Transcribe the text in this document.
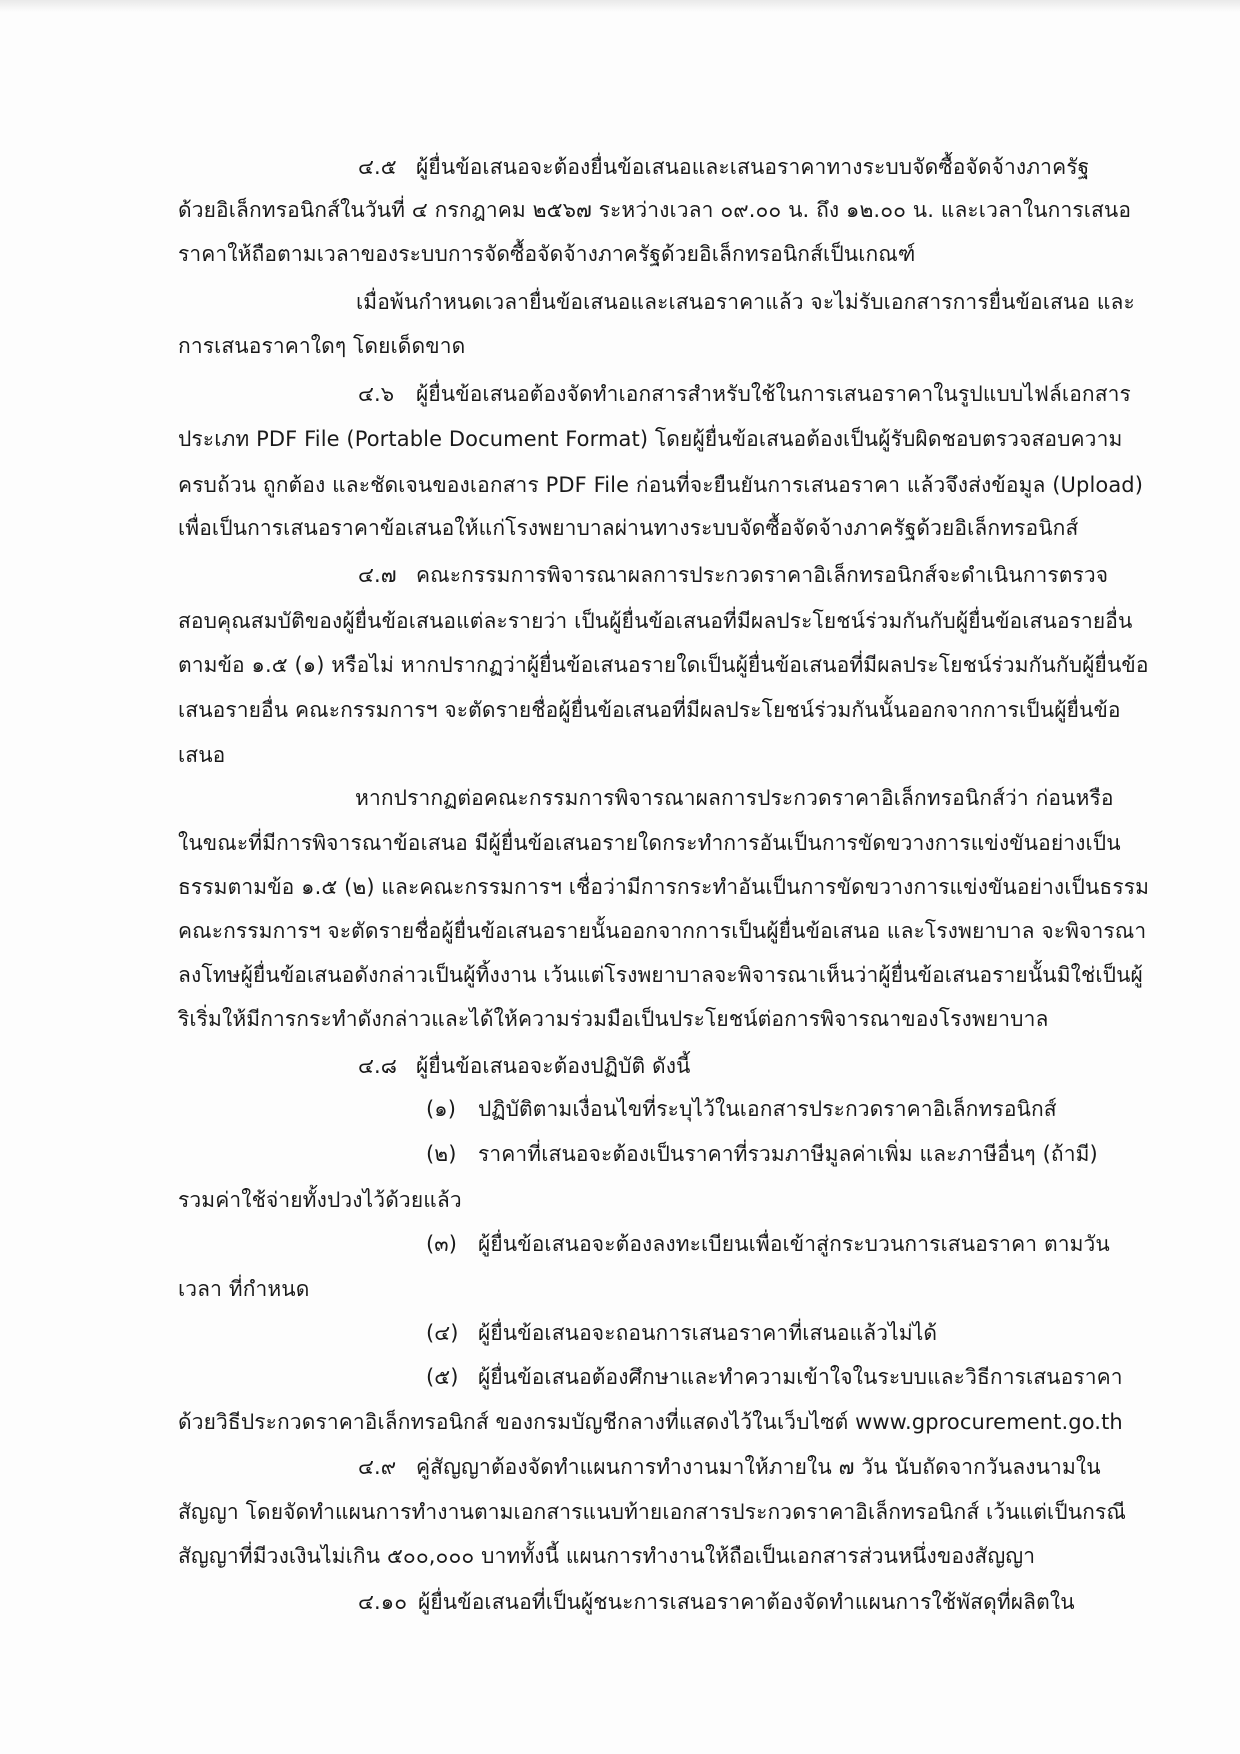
๔.๕ ผู้ยื่นข้อเสนอจะต้องยื่นข้อเสนอและเสนอราคาทางระบบจัดซื้อจัดจ้างภาครัฐ
ด้วยอิเล็กทรอนิกส์ในวันที่ ๔ กรกฎาคม ๒๕๖๗ ระหว่างเวลา ๐๙.๐๐ น. ถึง ๑๒.๐๐ น. และเวลาในการเสนอ
ราคาให้ถือตามเวลาของระบบการจัดซื้อจัดจ้างภาครัฐด้วยอิเล็กทรอนิกส์เป็นเกณฑ์
เมื่อพ้นกำหนดเวลายื่นข้อเสนอและเสนอราคาแล้ว จะไม่รับเอกสารการยื่นข้อเสนอ และ
การเสนอราคาใดๆ โดยเด็ดขาด
๔.๖ ผู้ยื่นข้อเสนอต้องจัดทำเอกสารสำหรับใช้ในการเสนอราคาในรูปแบบไฟล์เอกสาร
ประเภท PDF File (Portable Document Format) โดยผู้ยื่นข้อเสนอต้องเป็นผู้รับผิดชอบตรวจสอบความ
ครบถ้วน ถูกต้อง และชัดเจนของเอกสาร PDF File ก่อนที่จะยืนยันการเสนอราคา แล้วจึงส่งข้อมูล (Upload)
เพื่อเป็นการเสนอราคาข้อเสนอให้แก่โรงพยาบาลผ่านทางระบบจัดซื้อจัดจ้างภาครัฐด้วยอิเล็กทรอนิกส์
๔.๗ คณะกรรมการพิจารณาผลการประกวดราคาอิเล็กทรอนิกส์จะดำเนินการตรวจ
สอบคุณสมบัติของผู้ยื่นข้อเสนอแต่ละรายว่า เป็นผู้ยื่นข้อเสนอที่มีผลประโยชน์ร่วมกันกับผู้ยื่นข้อเสนอรายอื่น
ตามข้อ ๑.๕ (๑) หรือไม่ หากปรากฏว่าผู้ยื่นข้อเสนอรายใดเป็นผู้ยื่นข้อเสนอที่มีผลประโยชน์ร่วมกันกับผู้ยื่นข้อ
เสนอรายอื่น คณะกรรมการฯ จะตัดรายชื่อผู้ยื่นข้อเสนอที่มีผลประโยชน์ร่วมกันนั้นออกจากการเป็นผู้ยื่นข้อ
เสนอ
หากปรากฏต่อคณะกรรมการพิจารณาผลการประกวดราคาอิเล็กทรอนิกส์ว่า ก่อนหรือ
ในขณะที่มีการพิจารณาข้อเสนอ มีผู้ยื่นข้อเสนอรายใดกระทำการอันเป็นการขัดขวางการแข่งขันอย่างเป็น
ธรรมตามข้อ ๑.๕ (๒) และคณะกรรมการฯ เชื่อว่ามีการกระทำอันเป็นการขัดขวางการแข่งขันอย่างเป็นธรรม
คณะกรรมการฯ จะตัดรายชื่อผู้ยื่นข้อเสนอรายนั้นออกจากการเป็นผู้ยื่นข้อเสนอ และโรงพยาบาล จะพิจารณา
ลงโทษผู้ยื่นข้อเสนอดังกล่าวเป็นผู้ทิ้งงาน เว้นแต่โรงพยาบาลจะพิจารณาเห็นว่าผู้ยื่นข้อเสนอรายนั้นมิใช่เป็นผู้
ริเริ่มให้มีการกระทำดังกล่าวและได้ให้ความร่วมมือเป็นประโยชน์ต่อการพิจารณาของโรงพยาบาล
๔.๘ ผู้ยื่นข้อเสนอจะต้องปฏิบัติ ดังนี้
(๑) ปฏิบัติตามเงื่อนไขที่ระบุไว้ในเอกสารประกวดราคาอิเล็กทรอนิกส์
(๒) ราคาที่เสนอจะต้องเป็นราคาที่รวมภาษีมูลค่าเพิ่ม และภาษีอื่นๆ (ถ้ามี)
รวมค่าใช้จ่ายทั้งปวงไว้ด้วยแล้ว
(๓) ผู้ยื่นข้อเสนอจะต้องลงทะเบียนเพื่อเข้าสู่กระบวนการเสนอราคา ตามวัน
เวลา ที่กำหนด
(๔) ผู้ยื่นข้อเสนอจะถอนการเสนอราคาที่เสนอแล้วไม่ได้
(๕) ผู้ยื่นข้อเสนอต้องศึกษาและทำความเข้าใจในระบบและวิธีการเสนอราคา
ด้วยวิธีประกวดราคาอิเล็กทรอนิกส์ ของกรมบัญชีกลางที่แสดงไว้ในเว็บไซต์ www.gprocurement.go.th
๔.๙ คู่สัญญาต้องจัดทำแผนการทำงานมาให้ภายใน ๗ วัน นับถัดจากวันลงนามใน
สัญญา โดยจัดทำแผนการทำงานตามเอกสารแนบท้ายเอกสารประกวดราคาอิเล็กทรอนิกส์ เว้นแต่เป็นกรณี
สัญญาที่มีวงเงินไม่เกิน ๕๐๐,๐๐๐ บาททั้งนี้ แผนการทำงานให้ถือเป็นเอกสารส่วนหนึ่งของสัญญา
๔.๑๐ ผู้ยื่นข้อเสนอที่เป็นผู้ชนะการเสนอราคาต้องจัดทำแผนการใช้พัสดุที่ผลิตใน
